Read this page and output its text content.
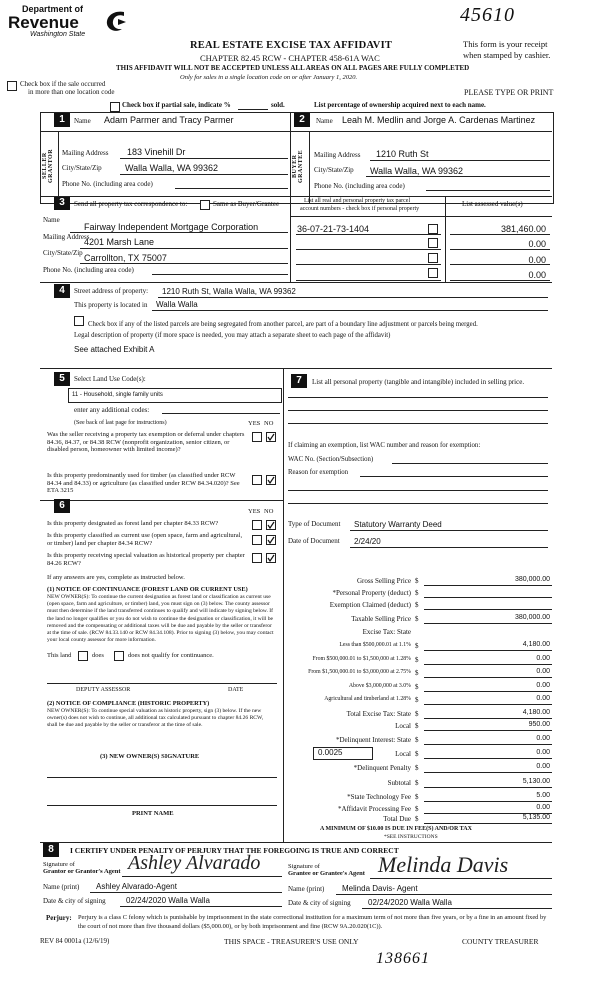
Department of
Revenue
Washington State
REAL ESTATE EXCISE TAX AFFIDAVIT
CHAPTER 82.45 RCW - CHAPTER 458-61A WAC
THIS AFFIDAVIT WILL NOT BE ACCEPTED UNLESS ALL AREAS ON ALL PAGES ARE FULLY COMPLETED
This form is your receipt
when stamped by cashier.
45610
Check box if the sale occurred
in more than one location code
Only for sales in a single location code on or after January 1, 2020.
PLEASE TYPE OR PRINT
Check box if partial sale, indicate %	sold.	List percentage of ownership acquired next to each name.
1	2
Name Adam Parmer and Tracy Parmer
SELLER GRANTOR Mailing Address 183 Vinehill Dr
City/State/Zip	Walla Walla, WA 99362
Phone No. (including area code)
Name Leah M. Medlin and Jorge A. Cardenas Martinez
BUYER GRANTEE Mailing Address 1210 Ruth St
City/State/Zip Walla Walla, WA 99362
Phone No. (including area code)
3	Send all property tax correspondence to:	Same as Buyer/Grantee	List all real and personal property tax parcel
account numbers - check box if personal property
List assessed value(s)
Name
Fairway Independent Mortgage Corporation
Mailing Address
4201 Marsh Lane
City/State/Zip Carrollton, TX 75007
Phone No. (including area code)
36-07-21-73-1404	381,460.00
0.00
0.00
0.00
4	Street address of property: 1210 Ruth St, Walla Walla, WA 99362
This property is located in Walla Walla
Check box if any of the listed parcels are being segregated from another parcel, are part of a boundary line adjustment or parcels being merged.
Legal description of property (if more space is needed, you may attach a separate sheet to each page of the affidavit)
See attached Exhibit A
5	Select Land Use Code(s):
11 - Household, single family units
enter any additional codes:
(See back of last page for instructions)	YES NO
Was the seller receiving a property tax exemption or deferral under chapters 84.36, 84.37, or 84.38 RCW (nonprofit organization, senior citizen, or disabled person, homeowner with limited income)?
Is this property predominantly used for timber (as classified under RCW 84.34 and 84.33) or agriculture (as classified under RCW 84.34.020)? See ETA 3215
6
YES NO
Is this property designated as forest land per chapter 84.33 RCW?
Is this property classified as current use (open space, farm and agricultural, or timber) land per chapter 84.34 RCW?
Is this property receiving special valuation as historical property per chapter 84.26 RCW?
If any answers are yes, complete as instructed below.
(1) NOTICE OF CONTINUANCE (FOREST LAND OR CURRENT USE)
NEW OWNER(S): To continue the current designation as forest land or classification as current use (open space, farm and agriculture, or timber) land, you must sign on (3) below. The county assessor must then determine if the land transferred continues to qualify and will indicate by signing below. If the land no longer qualifies or you do not wish to continue the designation or classification, it will be removed and the compensating or additional taxes will be due and payable by the seller or transferor at the time of sale. (RCW 84.33.140 or RCW 84.34.108). Prior to signing (3) below, you may contact your local county assessor for more information.
This land	does	does not qualify for continuance.
DEPUTY ASSESSOR	DATE
(2) NOTICE OF COMPLIANCE (HISTORIC PROPERTY)
NEW OWNER(S): To continue special valuation as historic property, sign (3) below. If the new owner(s) does not wish to continue, all additional tax calculated pursuant to chapter 84.26 RCW, shall be due and payable by the seller or transferor at the time of sale.
(3) NEW OWNER(S) SIGNATURE
PRINT NAME
7	List all personal property (tangible and intangible) included in selling price.
If claiming an exemption, list WAC number and reason for exemption:
WAC No. (Section/Subsection)
Reason for exemption
Type of Document Statutory Warranty Deed
Date of Document 2/24/20
Gross Selling Price $	380,000.00
*Personal Property (deduct) $
Exemption Claimed (deduct) $
Taxable Selling Price $	380,000.00
Excise Tax: State
Less than $500,000.01 at 1.1% $	4,180.00
From $500,000.01 to $1,500,000 at 1.28% $	0.00
From $1,500,000.01 to $3,000,000 at 2.75% $	0.00
Above $3,000,000 at 3.0% $	0.00
Agricultural and timberland at 1.28% $	0.00
Total Excise Tax: State $	4,180.00
Local $	950.00
*Delinquent Interest: State $	0.00
Local $	0.00
*Delinquent Penalty $	0.00
Subtotal $	5,130.00
*State Technology Fee $	5.00
*Affidavit Processing Fee $	0.00
Total Due $	5,135.00
0.0025
A MINIMUM OF $10.00 IS DUE IN FEE(S) AND/OR TAX
*SEE INSTRUCTIONS
8	I CERTIFY UNDER PENALTY OF PERJURY THAT THE FOREGOING IS TRUE AND CORRECT
Signature of
Grantor or Grantor's Agent Ashley Alvarado	Signature of
Grantee or Grantee's Agent Melinda Davis
Name (print) Ashley Alvarado-Agent	Name (print) Melinda Davis- Agent
Date & city of signing	02/24/2020 Walla Walla	Date & city of signing 02/24/2020 Walla Walla
Perjury: Perjury is a class C felony which is punishable by imprisonment in the state correctional institution for a maximum term of not more than five years, or by a fine in an amount fixed by the court of not more than five thousand dollars ($5,000.00), or by both imprisonment and fine (RCW 9A.20.020(1C)).
REV 84 0001a (12/6/19)	THIS SPACE - TREASURER'S USE ONLY	COUNTY TREASURER
138661
